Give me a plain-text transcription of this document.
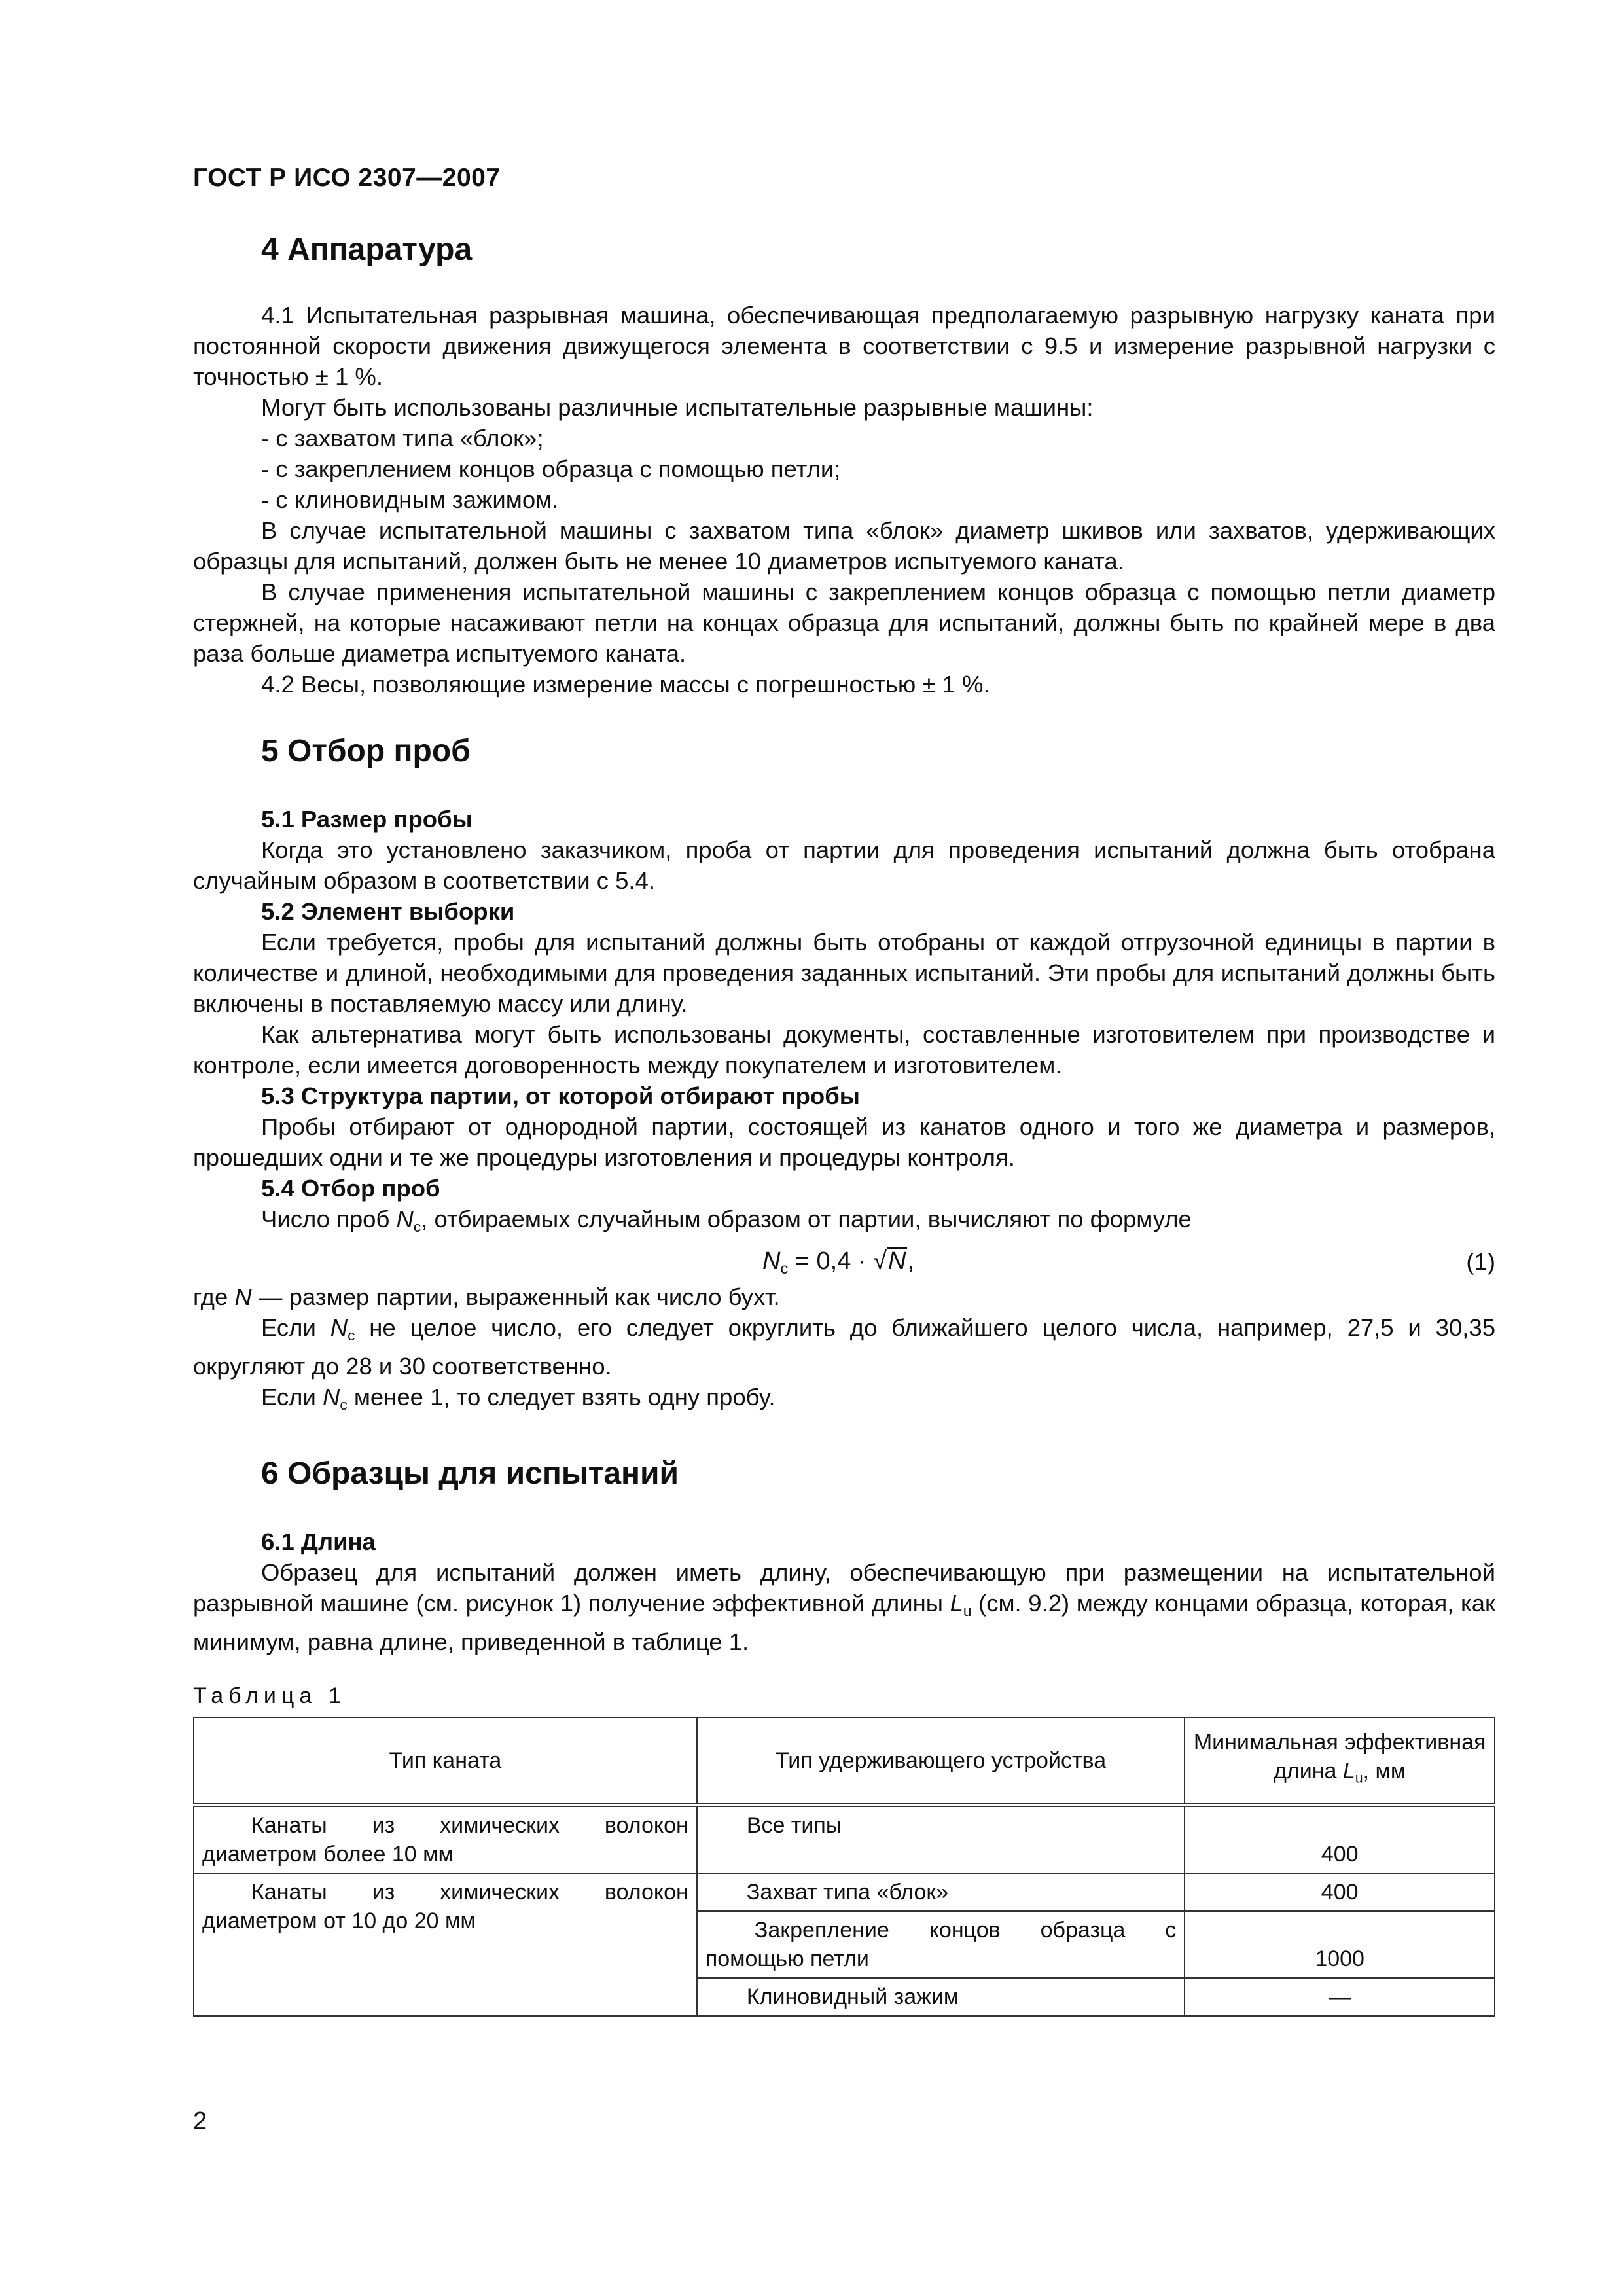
ГОСТ Р ИСО 2307—2007
4 Аппаратура

4.1 Испытательная разрывная машина, обеспечивающая предполагаемую разрывную нагрузку каната при постоянной скорости движения движущегося элемента в соответствии с 9.5 и измерение разрывной нагрузки с точностью ± 1 %.

Могут быть использованы различные испытательные разрывные машины:

- с захватом типа «блок»;
- с закреплением концов образца с помощью петли;
- с клиновидным зажимом.

В случае испытательной машины с захватом типа «блок» диаметр шкивов или захватов, удерживающих образцы для испытаний, должен быть не менее 10 диаметров испытуемого каната.

В случае применения испытательной машины с закреплением концов образца с помощью петли диаметр стержней, на которые насаживают петли на концах образца для испытаний, должны быть по крайней мере в два раза больше диаметра испытуемого каната.

4.2 Весы, позволяющие измерение массы с погрешностью ± 1 %.

5 Отбор проб
5.1 Размер пробы

Когда это установлено заказчиком, проба от партии для проведения испытаний должна быть отобрана случайным образом в соответствии с 5.4.

5.2 Элемент выборки

Если требуется, пробы для испытаний должны быть отобраны от каждой отгрузочной единицы в партии в количестве и длиной, необходимыми для проведения заданных испытаний. Эти пробы для испытаний должны быть включены в поставляемую массу или длину.

Как альтернатива могут быть использованы документы, составленные изготовителем при производстве и контроле, если имеется договоренность между покупателем и изготовителем.

5.3 Структура партии, от которой отбирают пробы

Пробы отбирают от однородной партии, состоящей из канатов одного и того же диаметра и размеров, прошедших одни и те же процедуры изготовления и процедуры контроля.

5.4 Отбор проб

Число проб Nc, отбираемых случайным образом от партии, вычисляют по формуле

Nc = 0,4 · √N,	(1)

где N — размер партии, выраженный как число бухт.

Если Nc не целое число, его следует округлить до ближайшего целого числа, например, 27,5 и 30,35 округляют до 28 и 30 соответственно.

Если Nc менее 1, то следует взять одну пробу.

6 Образцы для испытаний
6.1 Длина

Образец для испытаний должен иметь длину, обеспечивающую при размещении на испытательной разрывной машине (см. рисунок 1) получение эффективной длины Lu (см. 9.2) между концами образца, которая, как минимум, равна длине, приведенной в таблице 1.

Таблица 1
Тип каната	Тип удерживающего устройства	Минимальная эффективная длина Lu, мм
Канаты из химических волокон диаметром более 10 мм	Все типы	400
Канаты из химических волокон диаметром от 10 до 20 мм	Захват типа «блок»	400
	Закрепление концов образца с помощью петли	1000
	Клиновидный зажим	—
2
